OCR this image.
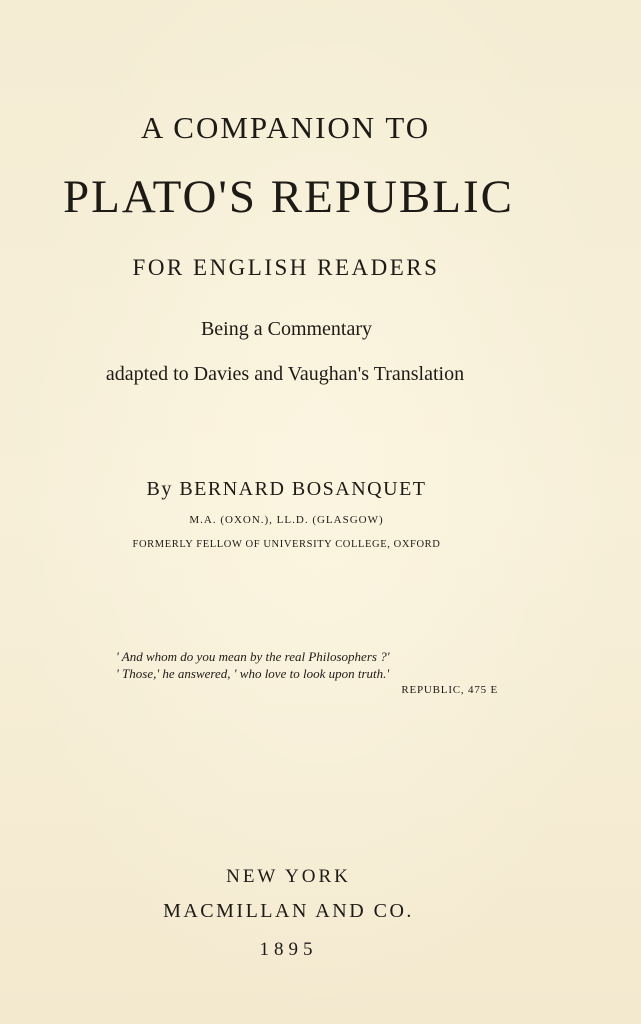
A COMPANION TO
PLATO'S REPUBLIC
FOR ENGLISH READERS
Being a Commentary
adapted to Davies and Vaughan's Translation
By BERNARD BOSANQUET
M.A. (OXON.), LL.D. (GLASGOW)
FORMERLY FELLOW OF UNIVERSITY COLLEGE, OXFORD
' And whom do you mean by the real Philosophers ?'
' Those,' he answered, ' who love to look upon truth.'
REPUBLIC, 475 E
NEW YORK
MACMILLAN AND CO.
1895
